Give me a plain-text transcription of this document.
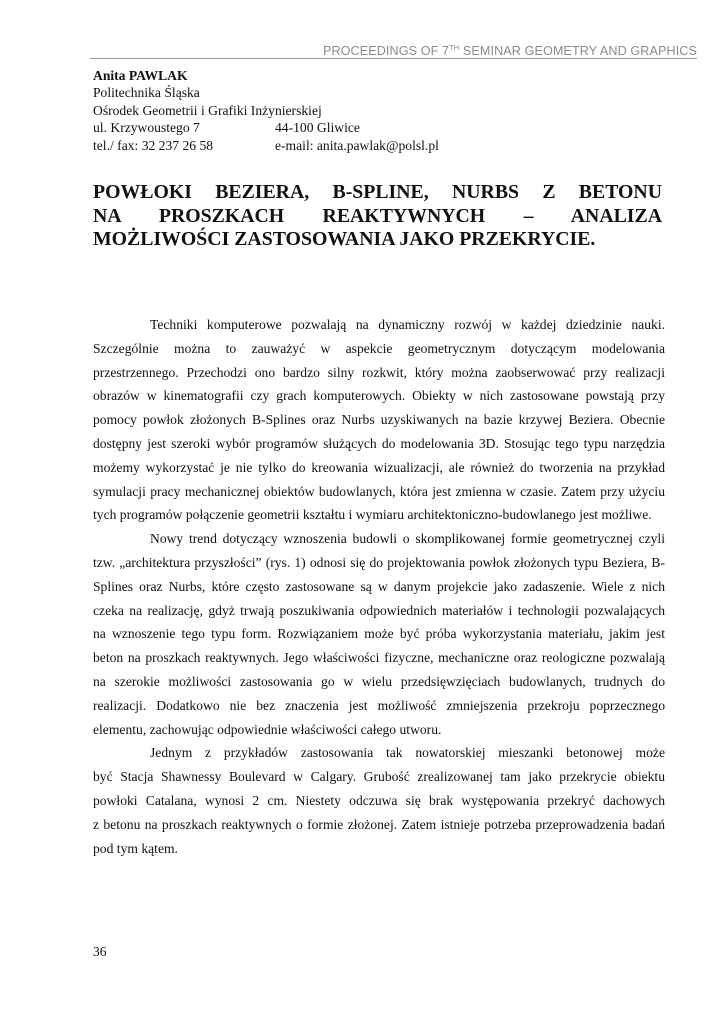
PROCEEDINGS OF 7TH SEMINAR GEOMETRY AND GRAPHICS
Anita PAWLAK
Politechnika Śląska
Ośrodek Geometrii i Grafiki Inżynierskiej
ul. Krzywoustego 7	44-100 Gliwice
tel./ fax: 32 237 26 58	e-mail: anita.pawlak@polsl.pl
POWŁOKI BEZIERA, B-SPLINE, NURBS Z BETONU
NA PROSZKACH REAKTYWNYCH – ANALIZA
MOŻLIWOŚCI ZASTOSOWANIA JAKO PRZEKRYCIE.
Techniki komputerowe pozwalają na dynamiczny rozwój w każdej dziedzinie nauki.
Szczególnie można to zauważyć w aspekcie geometrycznym dotyczącym modelowania
przestrzennego. Przechodzi ono bardzo silny rozkwit, który można zaobserwować przy realizacji
obrazów w kinematografii czy grach komputerowych. Obiekty w nich zastosowane powstają przy
pomocy powłok złożonych B-Splines oraz Nurbs uzyskiwanych na bazie krzywej Beziera. Obecnie
dostępny jest szeroki wybór programów służących do modelowania 3D. Stosując tego typu narzędzia
możemy wykorzystać je nie tylko do kreowania wizualizacji, ale również do tworzenia na przykład
symulacji pracy mechanicznej obiektów budowlanych, która jest zmienna w czasie. Zatem przy użyciu
tych programów połączenie geometrii kształtu i wymiaru architektoniczno-budowlanego jest możliwe.
Nowy trend dotyczący wznoszenia budowli o skomplikowanej formie geometrycznej czyli
tzw. „architektura przyszłości” (rys. 1) odnosi się do projektowania powłok złożonych typu Beziera, B-
Splines oraz Nurbs, które często zastosowane są w danym projekcie jako zadaszenie. Wiele z nich
czeka na realizację, gdyż trwają poszukiwania odpowiednich materiałów i technologii pozwalających
na wznoszenie tego typu form. Rozwiązaniem może być próba wykorzystania materiału, jakim jest
beton na proszkach reaktywnych. Jego właściwości fizyczne, mechaniczne oraz reologiczne pozwalają
na szerokie możliwości zastosowania go w wielu przedsięwzięciach budowlanych, trudnych do
realizacji. Dodatkowo nie bez znaczenia jest możliwość zmniejszenia przekroju poprzecznego
elementu, zachowując odpowiednie właściwości całego utworu.
Jednym z przykładów zastosowania tak nowatorskiej mieszanki betonowej może
być Stacja Shawnessy Boulevard w Calgary. Grubość zrealizowanej tam jako przekrycie obiektu
powłoki Catalana, wynosi 2 cm. Niestety odczuwa się brak występowania przekryć dachowych
z betonu na proszkach reaktywnych o formie złożonej. Zatem istnieje potrzeba przeprowadzenia badań
pod tym kątem.
36
